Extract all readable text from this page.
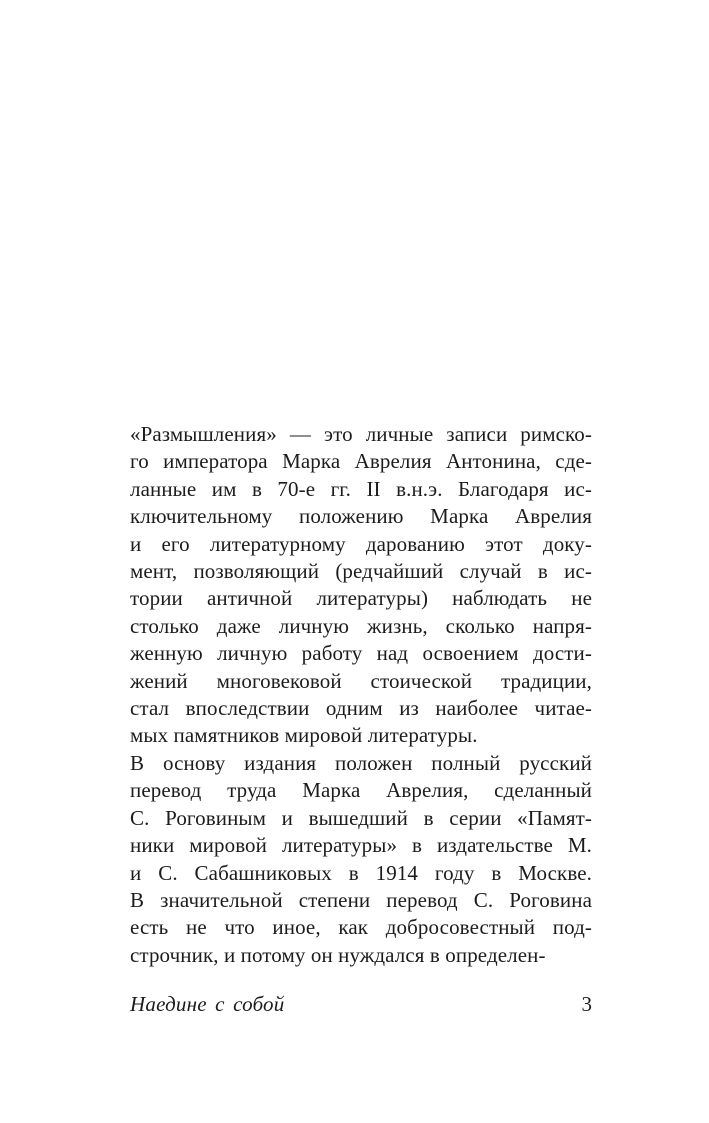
«Размышления» — это личные записи римско-
го императора Марка Аврелия Антонина, сде-
ланные им в 70-е гг. II в.н.э. Благодаря ис-
ключительному положению Марка Аврелия
и его литературному дарованию этот доку-
мент, позволяющий (редчайший случай в ис-
тории античной литературы) наблюдать не
столько даже личную жизнь, сколько напря-
женную личную работу над освоением дости-
жений многовековой стоической традиции,
стал впоследствии одним из наиболее читае-
мых памятников мировой литературы.
В основу издания положен полный русский
перевод труда Марка Аврелия, сделанный
С. Роговиным и вышедший в серии «Памят-
ники мировой литературы» в издательстве М.
и С. Сабашниковых в 1914 году в Москве.
В значительной степени перевод С. Роговина
есть не что иное, как добросовестный под-
строчник, и потому он нуждался в определен-
Наедине с собой	3
